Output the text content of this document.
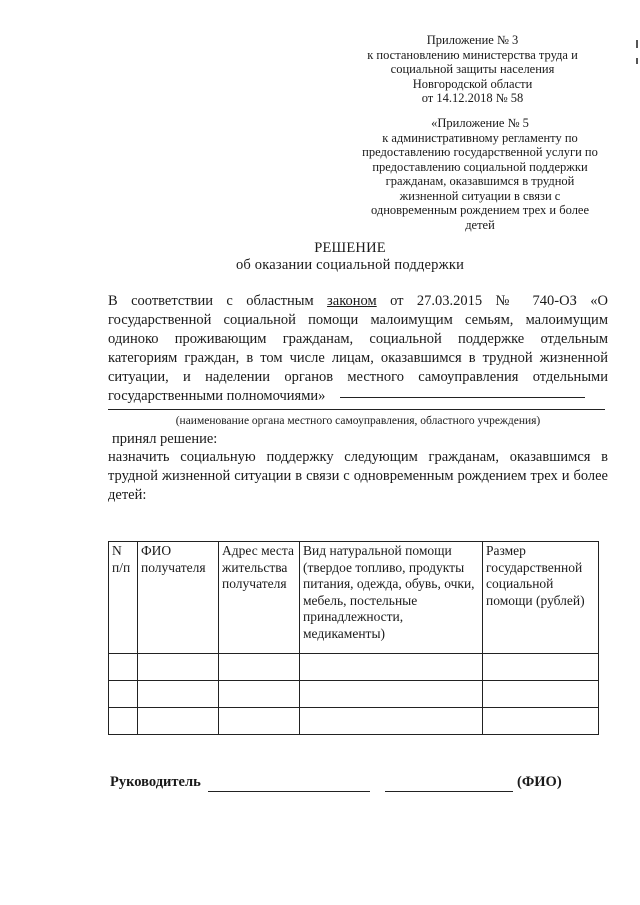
Приложение № 3
к постановлению министерства труда и
социальной защиты населения
Новгородской области
от 14.12.2018 № 58
«Приложение № 5
к административному регламенту по
предоставлению государственной услуги по
предоставлению социальной поддержки
гражданам, оказавшимся в трудной
жизненной ситуации в связи с
одновременным рождением трех и более
детей
РЕШЕНИЕ
об оказании социальной поддержки
В соответствии с областным законом от 27.03.2015 № 740-ОЗ «О государственной социальной помощи малоимущим семьям, малоимущим одиноко проживающим гражданам, социальной поддержке отдельным категориям граждан, в том числе лицам, оказавшимся в трудной жизненной ситуации, и наделении органов местного самоуправления отдельными государственными полномочиями»
(наименование органа местного самоуправления, областного учреждения)
принял решение:
назначить социальную поддержку следующим гражданам, оказавшимся в трудной жизненной ситуации в связи с одновременным рождением трех и более детей:
N п/п	ФИО получателя	Адрес места жительства получателя	Вид натуральной помощи (твердое топливо, продукты питания, одежда, обувь, очки, мебель, постельные принадлежности, медикаменты)	Размер государственной социальной помощи (рублей)

Руководитель	(ФИО)
